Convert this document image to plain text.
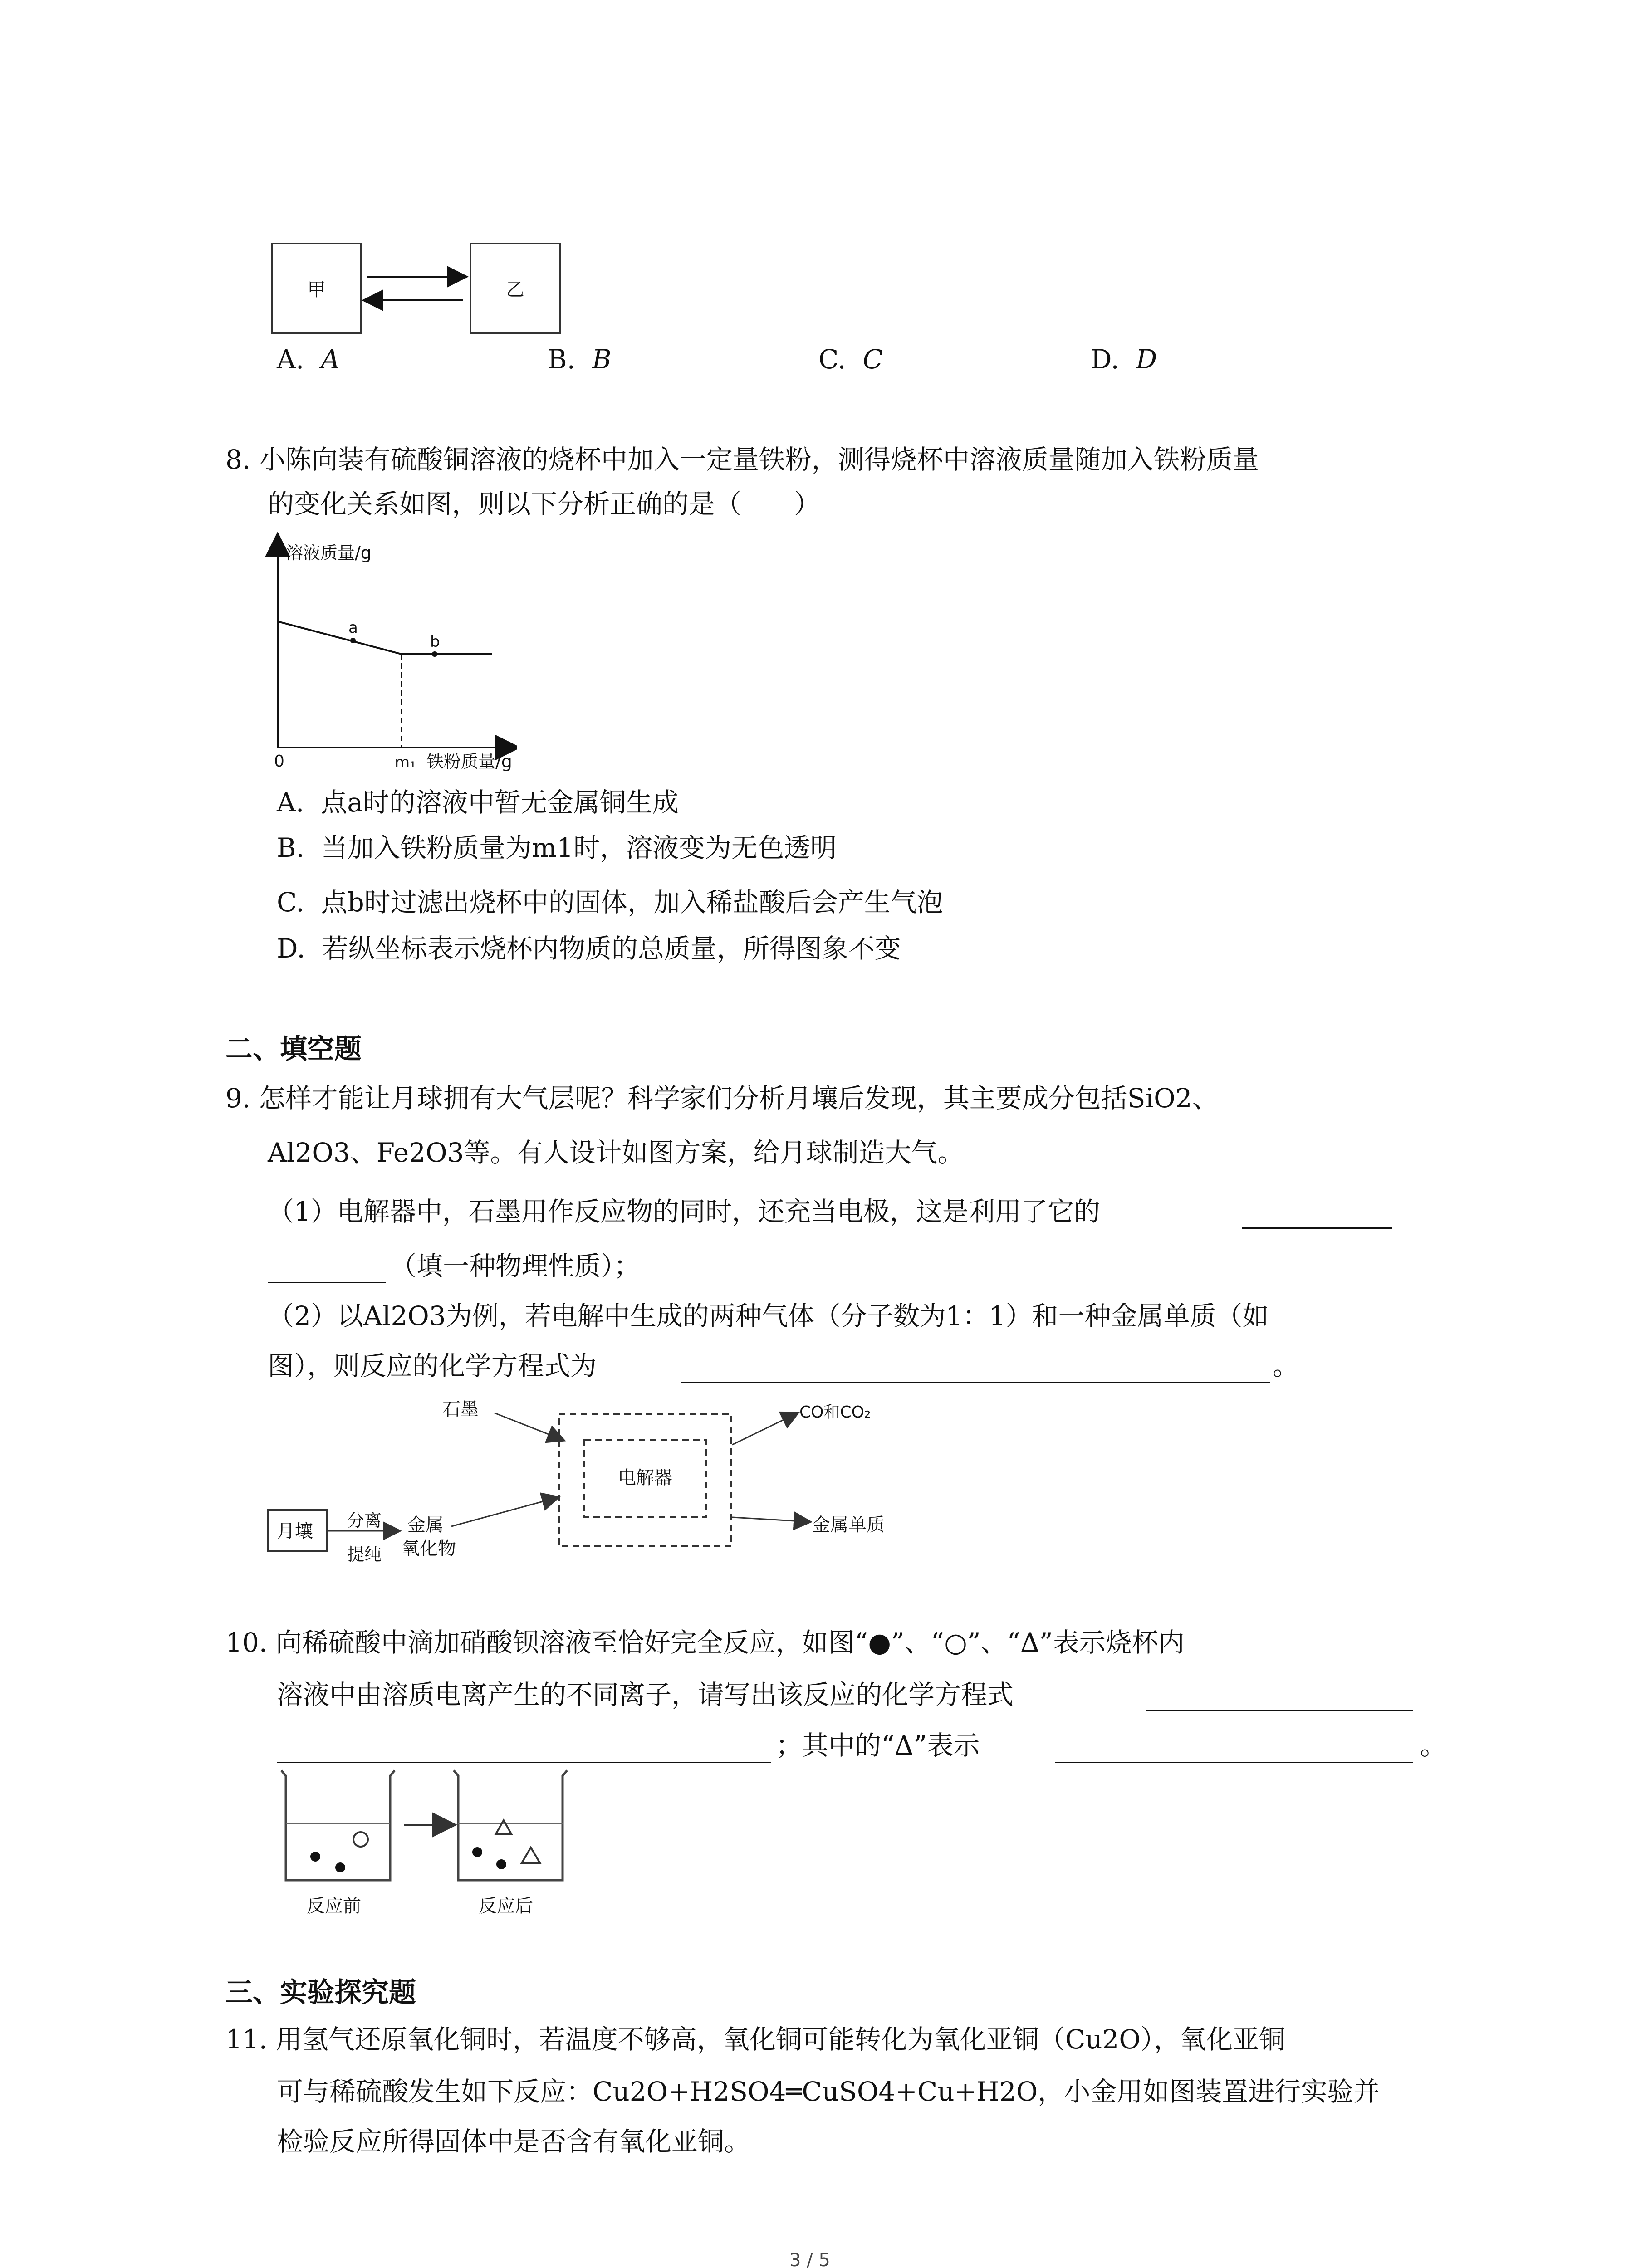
甲	乙
A. A	B. B	C. C	D. D
8. 小陈向装有硫酸铜溶液的烧杯中加入一定量铁粉，测得烧杯中溶液质量随加入铁粉质量
的变化关系如图，则以下分析正确的是（　　）
溶液质量/g
铁粉质量/g
0
a
b
m₁
A. 点a时的溶液中暂无金属铜生成
B. 当加入铁粉质量为m1时，溶液变为无色透明
C. 点b时过滤出烧杯中的固体，加入稀盐酸后会产生气泡
D. 若纵坐标表示烧杯内物质的总质量，所得图象不变
二、填空题
9. 怎样才能让月球拥有大气层呢？科学家们分析月壤后发现，其主要成分包括SiO2、
Al2O3、Fe2O3等。有人设计如图方案，给月球制造大气。
（1）电解器中，石墨用作反应物的同时，还充当电极，这是利用了它的
（填一种物理性质）；
（2）以Al2O3为例，若电解中生成的两种气体（分子数为1：1）和一种金属单质（如
图），则反应的化学方程式为	。
石墨
电解器
CO和CO₂
金属单质
月壤
分离
提纯
金属
氧化物
10. 向稀硫酸中滴加硝酸钡溶液至恰好完全反应，如图“●”、“○”、“Δ”表示烧杯内
溶液中由溶质电离产生的不同离子，请写出该反应的化学方程式
；其中的“Δ”表示	。
反应前	反应后
三、实验探究题
11. 用氢气还原氧化铜时，若温度不够高，氧化铜可能转化为氧化亚铜（Cu2O），氧化亚铜
可与稀硫酸发生如下反应：Cu2O+H2SO4═CuSO4+Cu+H2O，小金用如图装置进行实验并
检验反应所得固体中是否含有氧化亚铜。
3 / 5
